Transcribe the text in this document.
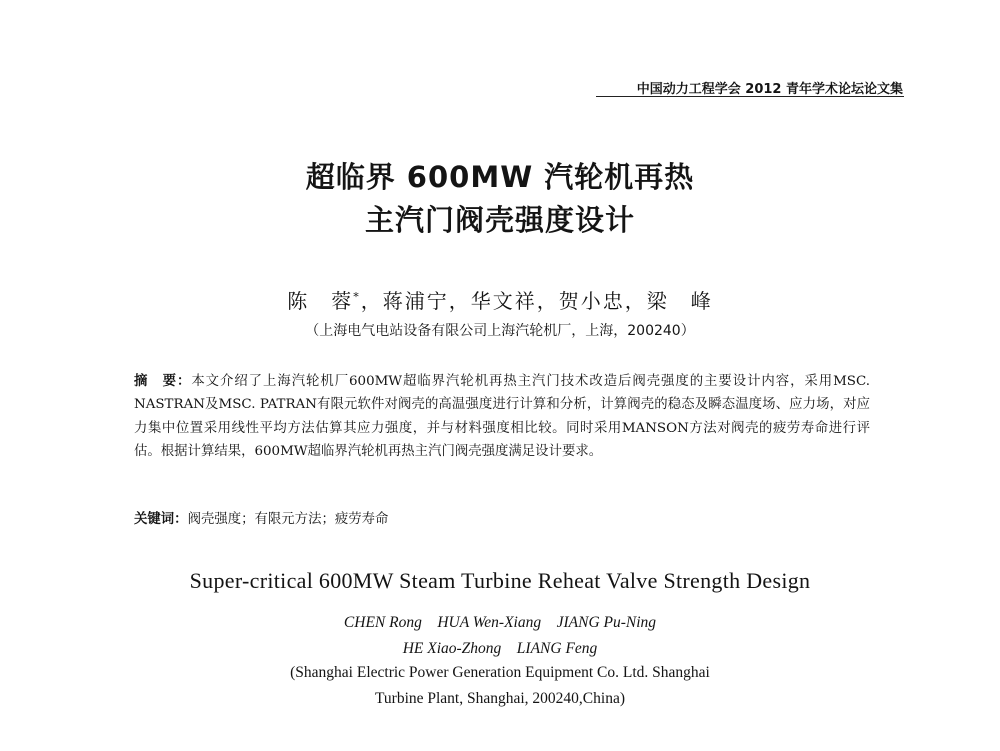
中国动力工程学会 2012 青年学术论坛论文集
超临界 600MW 汽轮机再热
主汽门阀壳强度设计
陈　蓉*，蒋浦宁，华文祥，贺小忠，梁　峰
（上海电气电站设备有限公司上海汽轮机厂，上海，200240）
摘　要：本文介绍了上海汽轮机厂600MW超临界汽轮机再热主汽门技术改造后阀壳强度的主要设计内容，采用MSC. NASTRAN及MSC. PATRAN有限元软件对阀壳的高温强度进行计算和分析，计算阀壳的稳态及瞬态温度场、应力场，对应力集中位置采用线性平均方法估算其应力强度，并与材料强度相比较。同时采用MANSON方法对阀壳的疲劳寿命进行评估。根据计算结果，600MW超临界汽轮机再热主汽门阀壳强度满足设计要求。
关键词：阀壳强度；有限元方法；疲劳寿命
Super-critical 600MW Steam Turbine Reheat Valve Strength Design
CHEN Rong　HUA Wen-Xiang　JIANG Pu-Ning
HE Xiao-Zhong　LIANG Feng
(Shanghai Electric Power Generation Equipment Co. Ltd. Shanghai
Turbine Plant, Shanghai, 200240,China)
